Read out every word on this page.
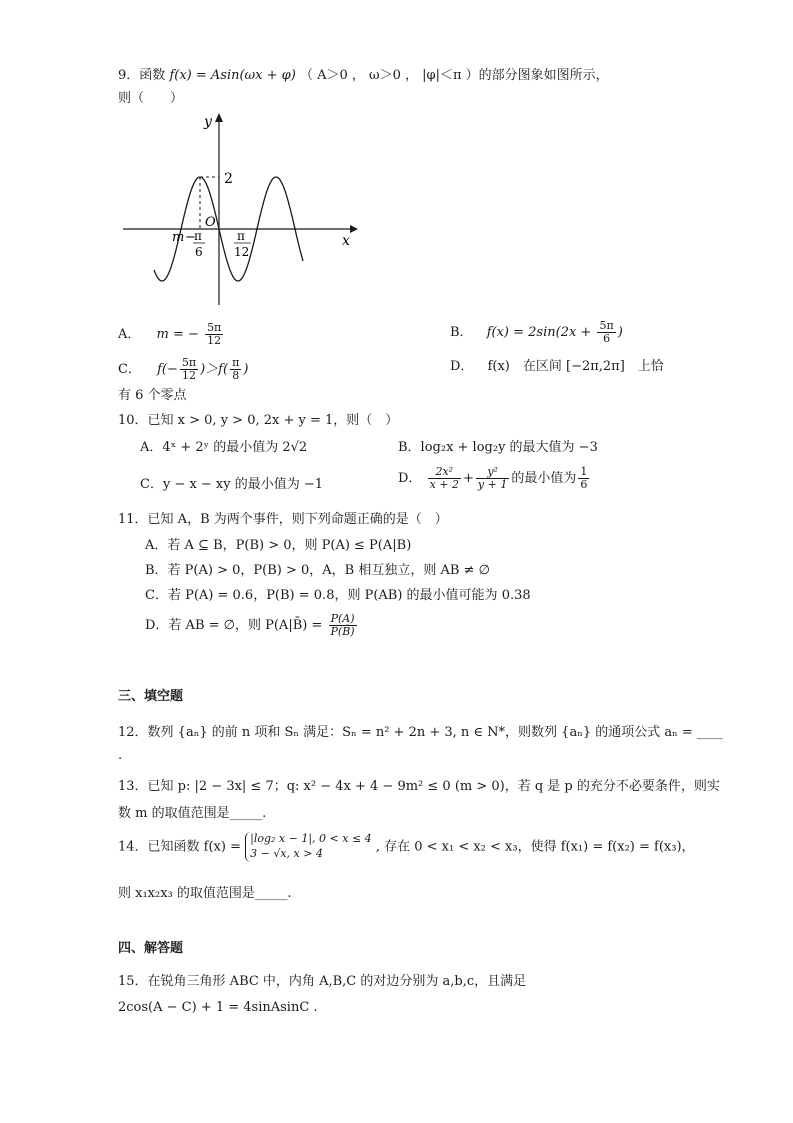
9．函数 f(x) = Asin(ωx + φ) （ A＞0 ， ω＞0 ， |φ|＜π ）的部分图象如图所示，
则（　　）
y
x
O
2
m −
π
6
π
12
A． m = − $\frac{5\pi}{12}$	B． $f(x) = 2\sin(2x + \frac{5\pi}{6}$ )
C． $f(- \frac{5\pi}{12} )>f( \frac{\pi}{8}$ )	D． f(x)　在区间 [−2π,2π]　上恰
有 6 个零点
10．已知 x > 0, y > 0, 2x + y = 1，则（　）
A．4ˣ + 2ʸ 的最小值为 2√2	B．log₂x + log₂y 的最大值为 −3
C．y − x − xy 的最小值为 −1	D． $\frac{\text{2x²}}{x + 2} + \frac{\text{y²}}{y + 1}$ 的最小值为 $\frac{1}{6}$
11．已知 A，B 为两个事件，则下列命题正确的是（　）
A．若 A ⊆ B，P(B) > 0，则 P(A) ≤ P(A|B)
B．若 P(A) > 0，P(B) > 0，A，B 相互独立，则 AB ≠ ∅
C．若 P(A) = 0.6，P(B) = 0.8，则 P(AB) 的最小值可能为 0.38
D．若 AB = ∅，则 P(A|B̄) = $\frac{P(A)}{P(B̄)}$
三、填空题
12．数列 {aₙ} 的前 n 项和 Sₙ 满足：Sₙ = n² + 2n + 3, n ∈ N*，则数列 {aₙ} 的通项公式 aₙ = ____
.
13．已知 p: |2 − 3x| ≤ 7；q: x² − 4x + 4 − 9m² ≤ 0 (m > 0)，若 q 是 p 的充分不必要条件，则实
数 m 的取值范围是_____.
14．已知函数 f(x) =
|log₂ x − 1|, 0 < x ≤ 4
3 − √x, x > 4	, 存在 0 < x₁ < x₂ < x₃，使得 f(x₁) = f(x₂) = f(x₃)，
则 x₁x₂x₃ 的取值范围是_____.
四、解答题
15．在锐角三角形 ABC 中，内角 A,B,C 的对边分别为 a,b,c，且满足
2cos(A − C) + 1 = 4sinAsinC .
